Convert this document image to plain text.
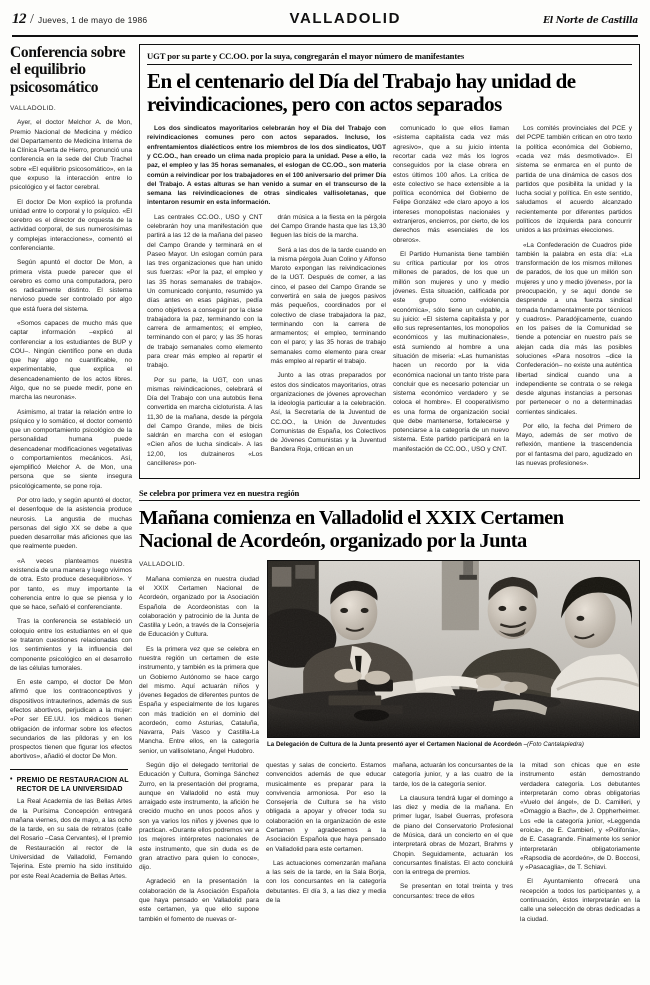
12 / Jueves, 1 de mayo de 1986	VALLADOLID	El Norte de Castilla
Conferencia sobre el equilibrio psicosomático

VALLADOLID.

Ayer, el doctor Melchor A. de Mon, Premio Nacional de Medicina y médico del Departamento de Medicina Interna de la Clínica Puerta de Hierro, pronunció una conferencia en la sede del Club Trachel sobre «El equilibrio psicosomático», en la que expuso la interacción entre lo psicológico y el factor cerebral.

El doctor De Mon explicó la profunda unidad entre lo corporal y lo psíquico. «El cerebro es el director de orquesta de la actividad corporal, de sus numerosísimas y complejas interacciones», comentó el conferenciante.

Según apuntó el doctor De Mon, a primera vista puede parecer que el cerebro es como una computadora, pero es radicalmente distinto. El sistema nervioso puede ser controlado por algo que está fuera del sistema.

«Somos capaces de mucho más que captar información –explicó al conferenciar a los estudiantes de BUP y COU–. Ningún científico pone en duda que hay algo no cuantificable, no experimentable, que explica el desencadenamiento de los actos libres. Algo, que no se puede medir, pone en marcha las neuronas».

Asimismo, al tratar la relación entre lo psíquico y lo somático, el doctor comentó que un comportamiento psicológico de la personalidad humana puede desencadenar modificaciones vegetativas o comportamientos mecánicos. Así, ejemplificó Melchor A. de Mon, una persona que se siente insegura psicológicamente, se pone roja.

Por otro lado, y según apuntó el doctor, el desenfoque de la asistencia produce neurosis. La angustia de muchas personas del siglo XX se debe a que pueden desarrollar más aficiones que las que realmente pueden.

«A veces planteamos nuestra existencia de una manera y luego vivimos de otra. Esto produce desequilibrios». Y por tanto, es muy importante la coherencia entre lo que se piensa y lo que se hace, señaló el conferenciante.

Tras la conferencia se estableció un coloquio entre los estudiantes en el que se trataron cuestiones relacionadas con los sentimientos y la influencia del componente psicológico en el desarrollo de las células tumorales.

En este campo, el doctor De Mon afirmó que los contraconceptivos y dispositivos intrauterinos, además de sus efectos abortivos, perjudican a la mujer: «Por ser EE.UU. los médicos tienen obligación de informar sobre los efectos secundarios de las píldoras y en los prospectos tienen que figurar los efectos abortivos», añadió el doctor De Mon.

• PREMIO DE RESTAURACION AL RECTOR DE LA UNIVERSIDAD

La Real Academia de las Bellas Artes de la Purísima Concepción entregará mañana viernes, dos de mayo, a las ocho de la tarde, en su sala de retratos (calle del Rosario –Casa Cervantes), el I premio de Restauración al rector de la Universidad de Valladolid, Fernando Tejerina. Este premio ha sido instituido por este Real Academia de Bellas Artes.

UGT por su parte y CC.OO. por la suya, congregarán el mayor número de manifestantes
En el centenario del Día del Trabajo hay unidad de reivindicaciones, pero con actos separados

Los dos sindicatos mayoritarios celebrarán hoy el Día del Trabajo con reivindicaciones comunes pero con actos separados. Incluso, los enfrentamientos dialécticos entre los miembros de los dos sindicatos, UGT y CC.OO., han creado un clima nada propicio para la unidad. Pese a ello, la paz, el empleo y las 35 horas semanales, el eslogan de CC.OO., son materia común a reivindicar por los trabajadores en el 100 aniversario del primer Día del Trabajo. A estas alturas se han venido a sumar en el transcurso de la semana las reivindicaciones de otras sindicales vallisoletanas, que intentaron resumir en esta información.

Las centrales CC.OO., USO y CNT celebrarán hoy una manifestación que partirá a las 12 de la mañana del paseo del Campo Grande y terminará en el Paseo Mayor. Un eslogan común para las tres organizaciones que han unido sus fuerzas: «Por la paz, el empleo y las 35 horas semanales de trabajo». Un comunicado conjunto, resumido ya días antes en esas páginas, pedía como objetivos a conseguir por la clase trabajadora la paz, terminando con la carrera de armamentos; el empleo, terminando con el paro; y las 35 horas de trabajo semanales como elemento para crear más empleo al repartir el trabajo.

Por su parte, la UGT, con unas mismas reivindicaciones, celebrará el Día del Trabajo con una autobús llena convertida en marcha cicloturista. A las 11,30 de la mañana, desde la pérgola del Campo Grande, miles de bicis saldrán en marcha con el eslogan «Cien años de lucha sindical». A las 12,00, los dulzaineros «Los cancilleres» pon-

drán música a la fiesta en la pérgola del Campo Grande hasta que las 13,30 lleguen las bicis de la marcha.

Será a las dos de la tarde cuando en la misma pérgola Juan Colino y Alfonso Maroto expongan las reivindicaciones de la UGT. Después de comer, a las cinco, el paseo del Campo Grande se convertirá en sala de juegos pasivos más pequeños, coordinados por el colectivo de clase trabajadora la paz, terminando con la carrera de armamentos; el empleo, terminando con el paro; y las 35 horas de trabajo semanales como elemento para crear más empleo al repartir el trabajo.

Junto a las otras preparados por estos dos sindicatos mayoritarios, otras organizaciones de jóvenes aprovechan la ideología particular a la celebración. Así, la Secretaría de la Juventud de CC.OO., la Unión de Juventudes Comunistas de España, los Colectivos de Jóvenes Comunistas y la Juventud Bandera Roja, critican en un

comunicado lo que ellos llaman «sistema capitalista cada vez más agresivo», que a su juicio intenta recortar cada vez más los logros conseguidos por la clase obrera en estos últimos 100 años. La crítica de este colectivo se hace extensible a la política económica del Gobierno de Felipe González «de claro apoyo a los intereses monopolistas nacionales y extranjeros, encierros, por cierto, de los derechos más esenciales de los obreros».

El Partido Humanista tiene también su crítica particular por los otros millones de parados, de los que un millón son mujeres y uno y medio jóvenes. Esta situación, calificada por este grupo como «violencia económica», sólo tiene un culpable, a su juicio: «El sistema capitalista y por ello sus representantes, los monopolios económicos y las multinacionales», está sumiendo al hombre a una situación de miseria: «Las humanistas hacen un recordo por la vida económica nacional un tanto triste para concluir que es necesario potenciar un sistema económico verdadero y se coloca el hombre». El cooperativismo es una forma de organización social que debe mantenerse, fortalecerse y potenciarse a la categoría de un nuevo sistema. Este partido participará en la manifestación de CC.OO., USO y CNT.

Los comités provinciales del PCE y del PCPE también critican en otro texto la política económica del Gobierno, «cada vez más desmotivado». El sistema se enmarca en el punto de partida de una dinámica de casos dos partidos que posibilita la unidad y la lucha social y política. En este sentido, saludamos el acuerdo alcanzado recientemente por diferentes partidos políticos de izquierda para concurrir unidos a las próximas elecciones.

«La Confederación de Cuadros pide también la palabra en esta día: «La transformación de los mismos millones de parados, de los que un millón son mujeres y uno y medio jóvenes», por la preocupación, y se aquí donde se desprende a una fuerza sindical tomada fundamentalmente por técnicos y cuadros». Paradójicamente, cuando en los países de la Comunidad se tiende a potenciar en nuestro país se alejan cada día más las posibles soluciones «Para nosotros –dice la Confederación– no existe una auténtica libertad sindical cuando una a independiente se contrata o se relega desde algunas instancias a personas por pertenecer o no a determinadas corrientes sindicales.

Por ello, la fecha del Primero de Mayo, además de ser motivo de reflexión, mantiene la trascendencia por el fantasma del paro, agudizado en las nuevas profesiones».

Se celebra por primera vez en nuestra región
Mañana comienza en Valladolid el XXIX Certamen Nacional de Acordeón, organizado por la Junta

VALLADOLID.

Mañana comienza en nuestra ciudad el XXIX Certamen Nacional de Acordeón, organizado por la Asociación Española de Acordeonistas con la colaboración y patrocinio de la Junta de Castilla y León, a través de la Consejería de Educación y Cultura.

Es la primera vez que se celebra en nuestra región un certamen de este instrumento, y también es la primera que un Gobierno Autónomo se hace cargo del mismo. Aquí actuarán niños y jóvenes llegados de diferentes puntos de España y especialmente de los lugares con más tradición en el dominio del acordeón, como Asturias, Cataluña, Navarra, País Vasco y Castilla-La Mancha. Entre ellos, en la categoría senior, un vallisoletano, Ángel Hudobro.

La Delegación de Cultura de la Junta presentó ayer el Certamen Nacional de Acordeón –(Foto Cantalapiedra)

Según dijo el delegado territorial de Educación y Cultura, Gominga Sánchez Zurro, en la presentación del programa, aunque en Valladolid no está muy arraigado este instrumento, la afición he crecido mucho en unos pocos años y son ya varios los niños y jóvenes que lo practican. «Durante ellos podremos ver a los mejores intérpretes nacionales de este instrumento, que sin duda es de gran atractivo para quien lo conoce», dijo.

Agradeció en la presentación la colaboración de la Asociación Española que haya pensado en Valladolid para este certamen, ya que ello supone también el fomento de nuevas or-

questas y salas de concierto. Estamos convencidos además de que educar musicalmente es preparar para la convivencia armoniosa. Por eso la Consejería de Cultura se ha visto obligada a apoyar y ofrecer toda su colaboración en la organización de este Certamen y agradecemos a la Asociación Española que haya pensado en Valladolid para este certamen.

Las actuaciones comenzarán mañana a las seis de la tarde, en la Sala Borja, con los concursantes en la categoría debutantes. El día 3, a las diez y media de la

mañana, actuarán los concursantes de la categoría junior, y a las cuatro de la tarde, los de la categoría senior.

La clausura tendrá lugar el domingo a las diez y media de la mañana. En primer lugar, Isabel Guerras, profesora de piano del Conservatorio Profesional de Música, dará un concierto en el que interpretará obras de Mozart, Brahms y Chopin. Seguidamente, actuarán los concursantes finalistas. El acto concluirá con la entrega de premios.

Se presentan en total treinta y tres concursantes: trece de ellos

la mitad son chicas que en este instrumento están demostrando verdadera categoría. Los debutantes interpretarán como obras obligatorias «Vuelo del ángel», de D. Camilleri, y «Omaggio a Bach», de J. Oppherheimer. Los «de la categoría junior, «Leggenda eroica», de E. Cambieri, y «Polifonía», de E. Casagrande. Finalmente los senior interpretarán obligatoriamente «Rapsodia de acordeón», de D. Boccosi, y «Pasacaglia», de T. Schiavi.

El Ayuntamiento ofrecerá una recepción a todos los participantes y, a continuación, éstos interpretarán en la calle una selección de obras dedicadas a la ciudad.
